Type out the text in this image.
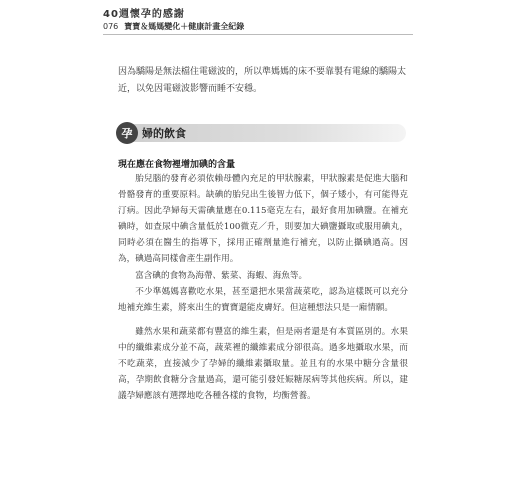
40週懷孕的感謝
076 寶寶＆媽媽變化＋健康計畫全紀錄

因為驕陽是無法檔住電磁波的，所以準媽媽的床不要靠製有電線的驕陽太近，以免因電磁波影響而睡不安穩。

孕 婦的飲食
現在應在食物裡增加碘的含量

胎兒腦的發育必須依賴母體內充足的甲狀腺素，甲狀腺素是促進大腦和骨骼發育的重要原料。缺碘的胎兒出生後智力低下，個子矮小，有可能得克汀病。因此孕婦每天需碘量應在0.115毫克左右，最好食用加碘鹽。在補充碘時，如查尿中碘含量低於100微克／升，則要加大碘鹽攝取或服用碘丸，同時必須在醫生的指導下，採用正確劑量進行補充，以防止攝碘過高。因為，碘過高同樣會產生副作用。

富含碘的食物為海帶、紫菜、海蝦、海魚等。

不少準媽媽喜歡吃水果，甚至還把水果當蔬菜吃，認為這樣既可以充分地補充維生素，將來出生的寶寶還能皮膚好。但這種想法只是一廂情願。

雖然水果和蔬菜都有豐富的維生素，但是兩者還是有本質區別的。水果中的纖維素成分並不高，蔬菜裡的纖維素成分卻很高。過多地攝取水果，而不吃蔬菜，直接減少了孕婦的纖維素攝取量。並且有的水果中糖分含量很高，孕期飲食糖分含量過高，還可能引發妊娠糖尿病等其他疾病。所以，建議孕婦應該有選擇地吃各種各樣的食物，均衡營養。
